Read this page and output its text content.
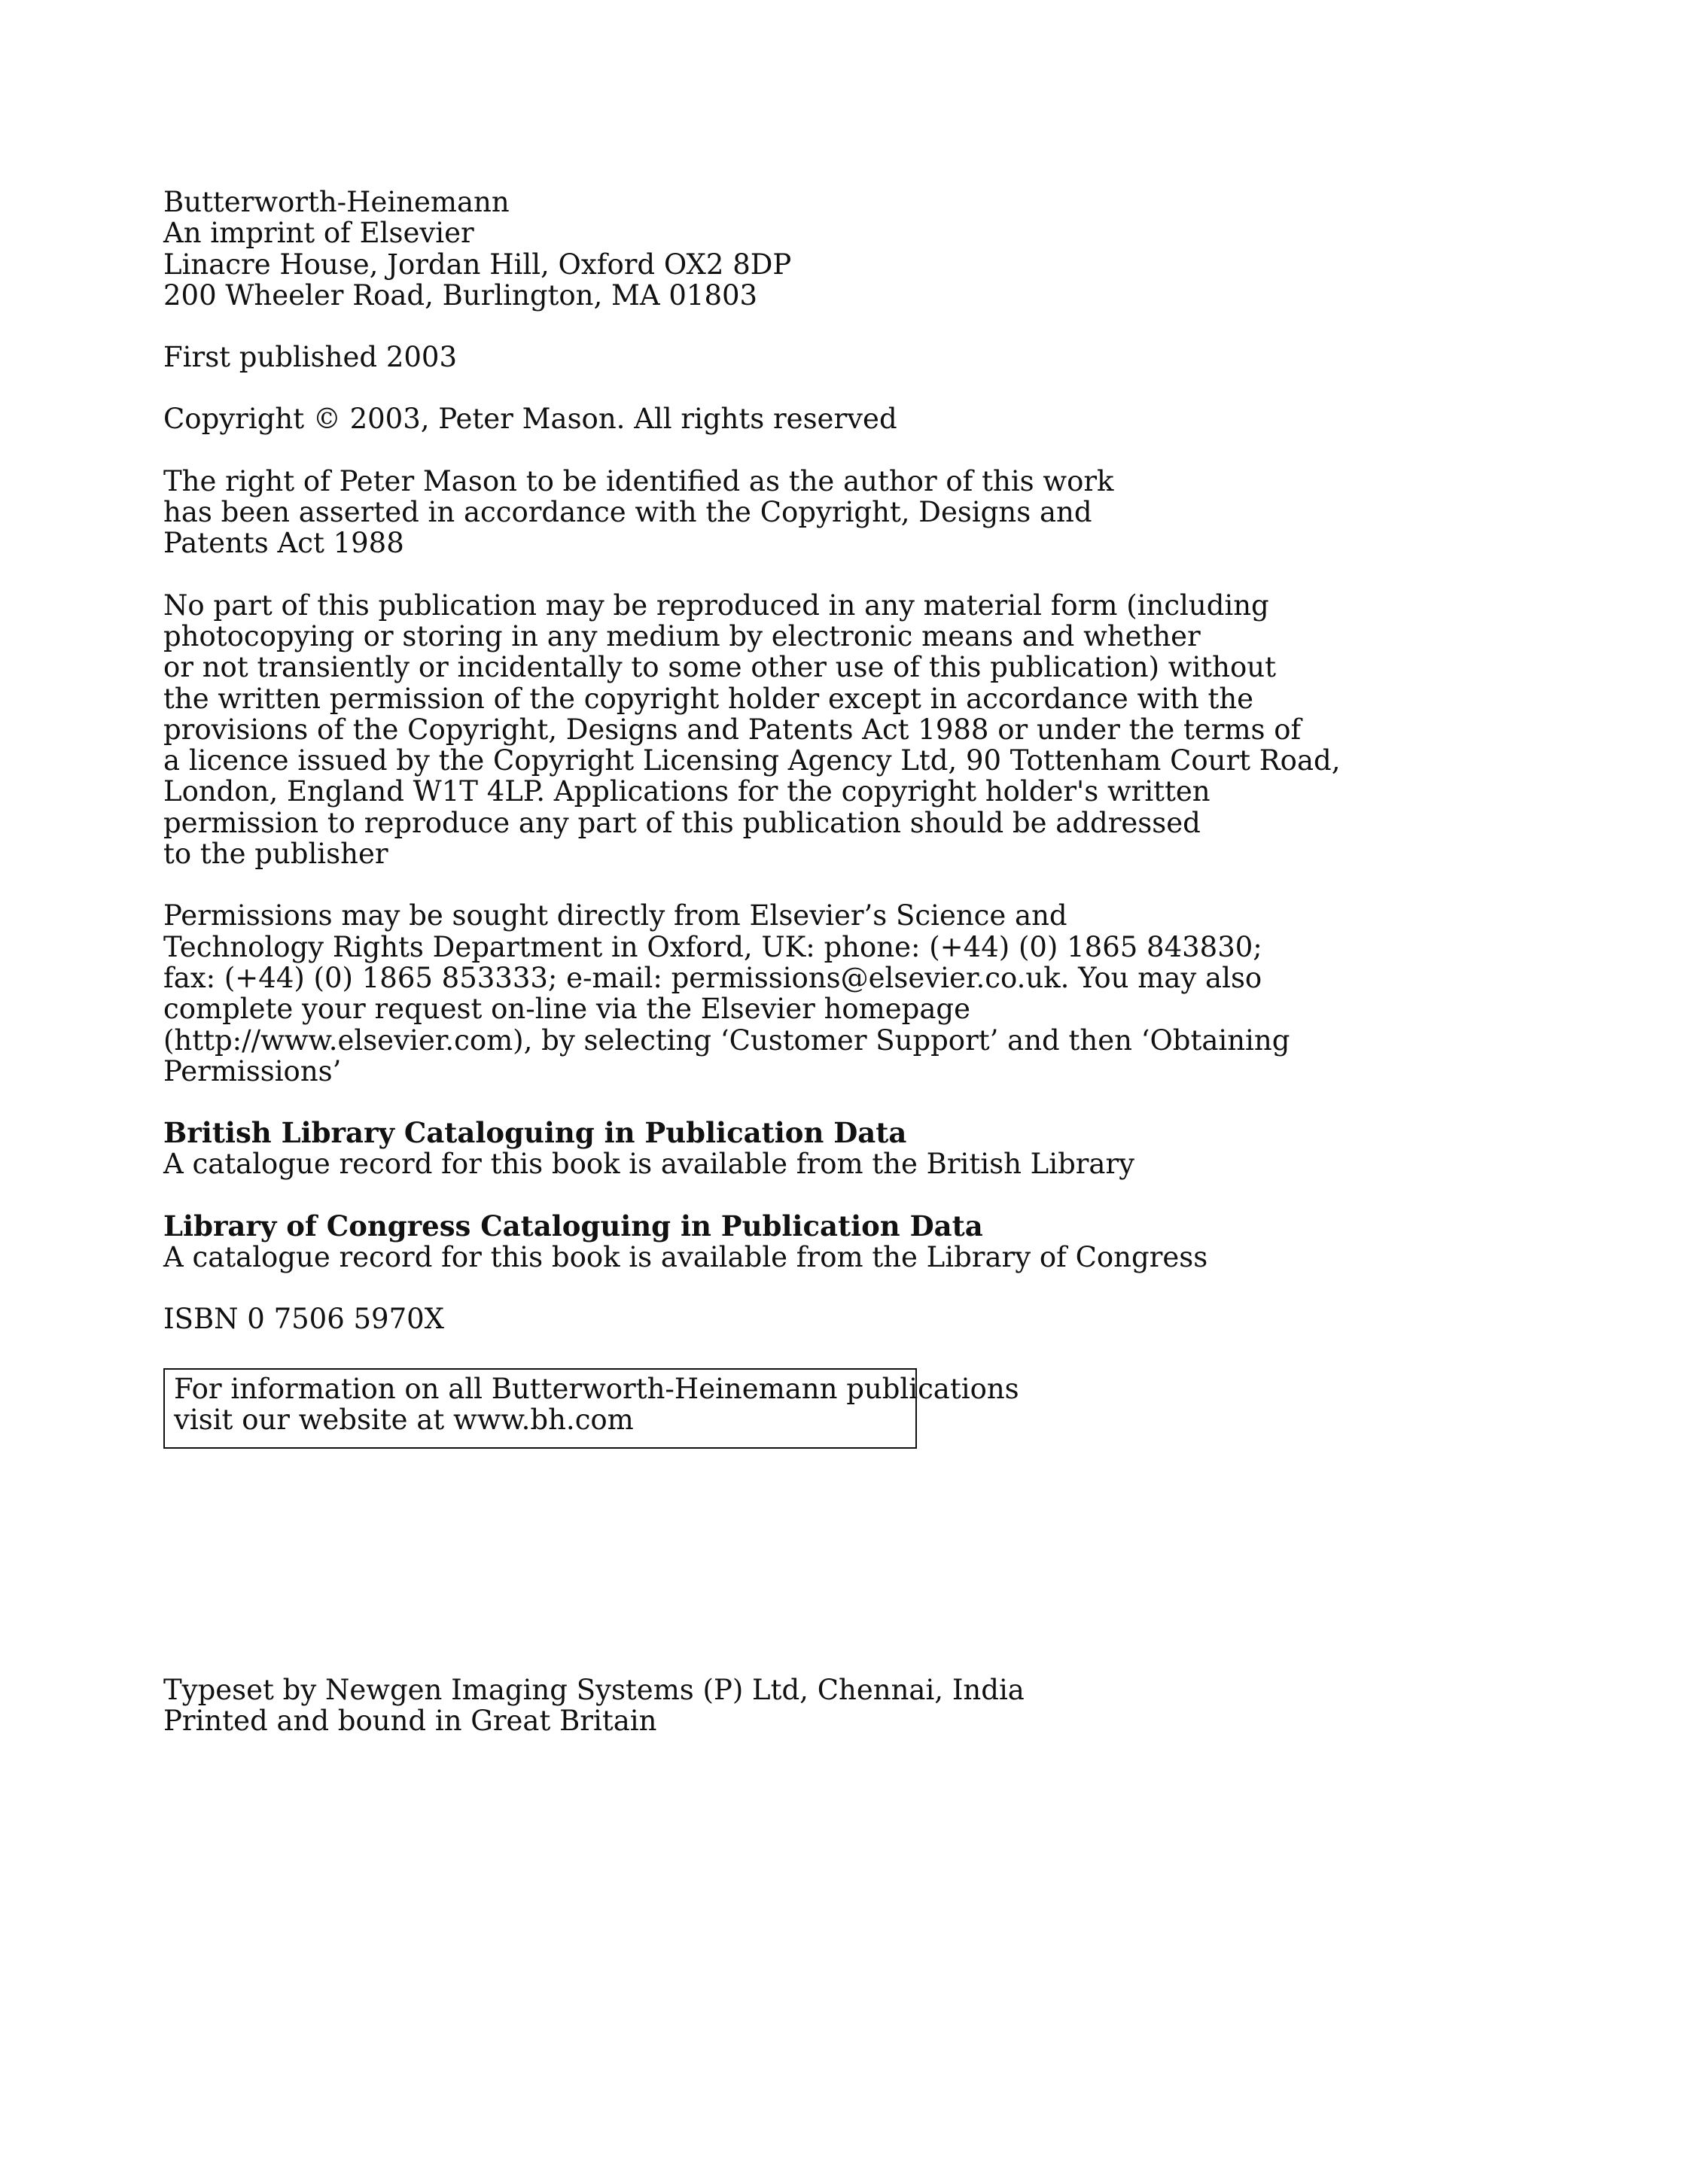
Butterworth-Heinemann
An imprint of Elsevier
Linacre House, Jordan Hill, Oxford OX2 8DP
200 Wheeler Road, Burlington, MA 01803
First published 2003
Copyright © 2003, Peter Mason. All rights reserved
The right of Peter Mason to be identified as the author of this work
has been asserted in accordance with the Copyright, Designs and
Patents Act 1988
No part of this publication may be reproduced in any material form (including
photocopying or storing in any medium by electronic means and whether
or not transiently or incidentally to some other use of this publication) without
the written permission of the copyright holder except in accordance with the
provisions of the Copyright, Designs and Patents Act 1988 or under the terms of
a licence issued by the Copyright Licensing Agency Ltd, 90 Tottenham Court Road,
London, England W1T 4LP. Applications for the copyright holder's written
permission to reproduce any part of this publication should be addressed
to the publisher
Permissions may be sought directly from Elsevier’s Science and
Technology Rights Department in Oxford, UK: phone: (+44) (0) 1865 843830;
fax: (+44) (0) 1865 853333; e-mail: permissions@elsevier.co.uk. You may also
complete your request on-line via the Elsevier homepage
(http://www.elsevier.com), by selecting ‘Customer Support’ and then ‘Obtaining
Permissions’
British Library Cataloguing in Publication Data
A catalogue record for this book is available from the British Library
Library of Congress Cataloguing in Publication Data
A catalogue record for this book is available from the Library of Congress
ISBN 0 7506 5970X
For information on all Butterworth-Heinemann publications
visit our website at www.bh.com
Typeset by Newgen Imaging Systems (P) Ltd, Chennai, India
Printed and bound in Great Britain
